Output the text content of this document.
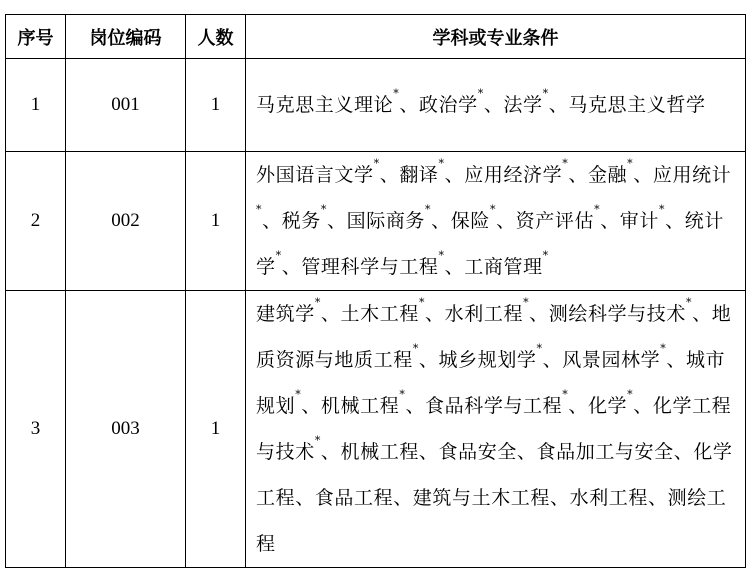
序号	岗位编码	人数	学科或专业条件
1	001	1	马克思主义理论*、政治学*、法学*、马克思主义哲学
2	002	1	外国语言文学*、翻译*、应用经济学*、金融*、应用统计*、税务*、国际商务*、保险*、资产评估*、审计*、统计学*、管理科学与工程*、工商管理*
3	003	1	建筑学*、土木工程*、水利工程*、测绘科学与技术*、地质资源与地质工程*、城乡规划学*、风景园林学*、城市规划*、机械工程*、食品科学与工程*、化学*、化学工程与技术*、机械工程、食品安全、食品加工与安全、化学工程、食品工程、建筑与土木工程、水利工程、测绘工程
